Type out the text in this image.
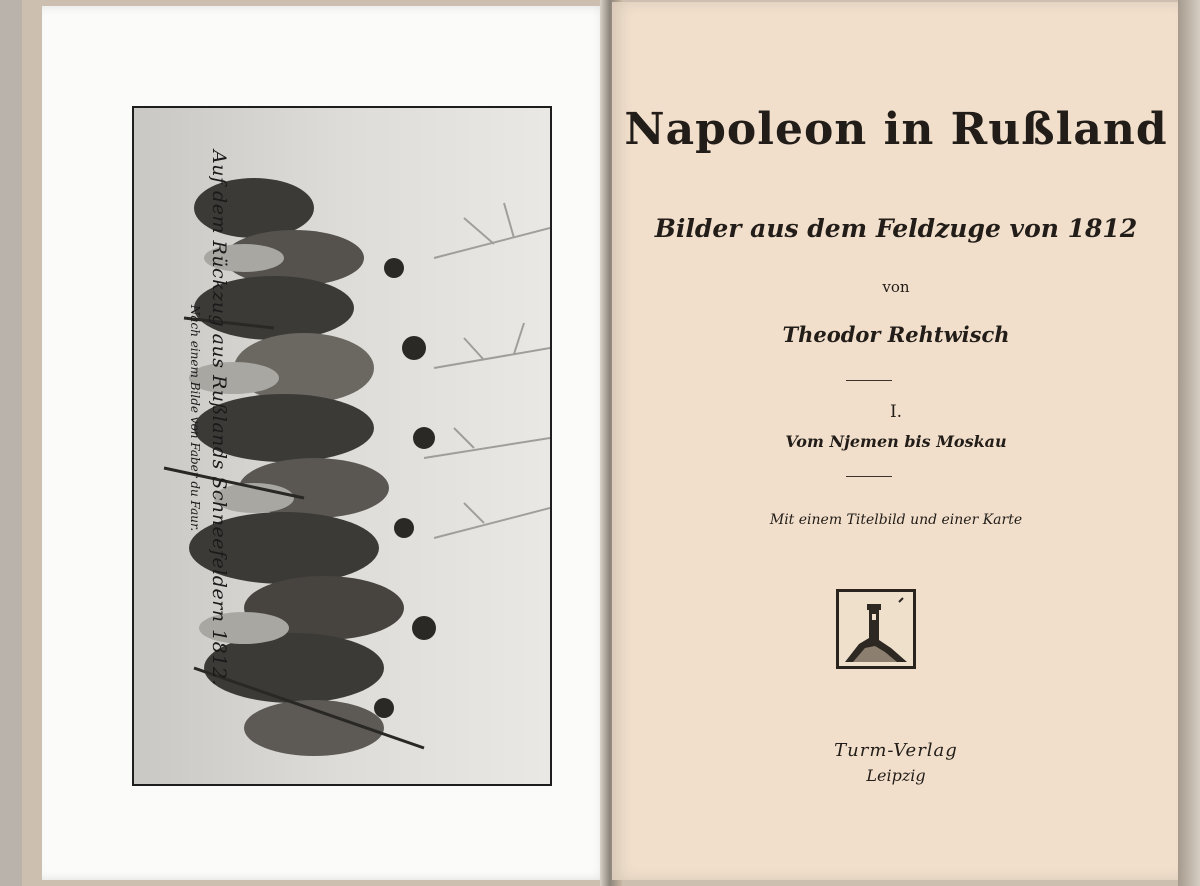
Auf dem Rückzug aus Rußlands Schneefeldern 1812.
Nach einem Bilde von Faber du Faur.
Napoleon in Rußland
Bilder aus dem Feldzuge von 1812
von
Theodor Rehtwisch
I.
Vom Njemen bis Moskau
Mit einem Titelbild und einer Karte
Turm-Verlag
Leipzig
